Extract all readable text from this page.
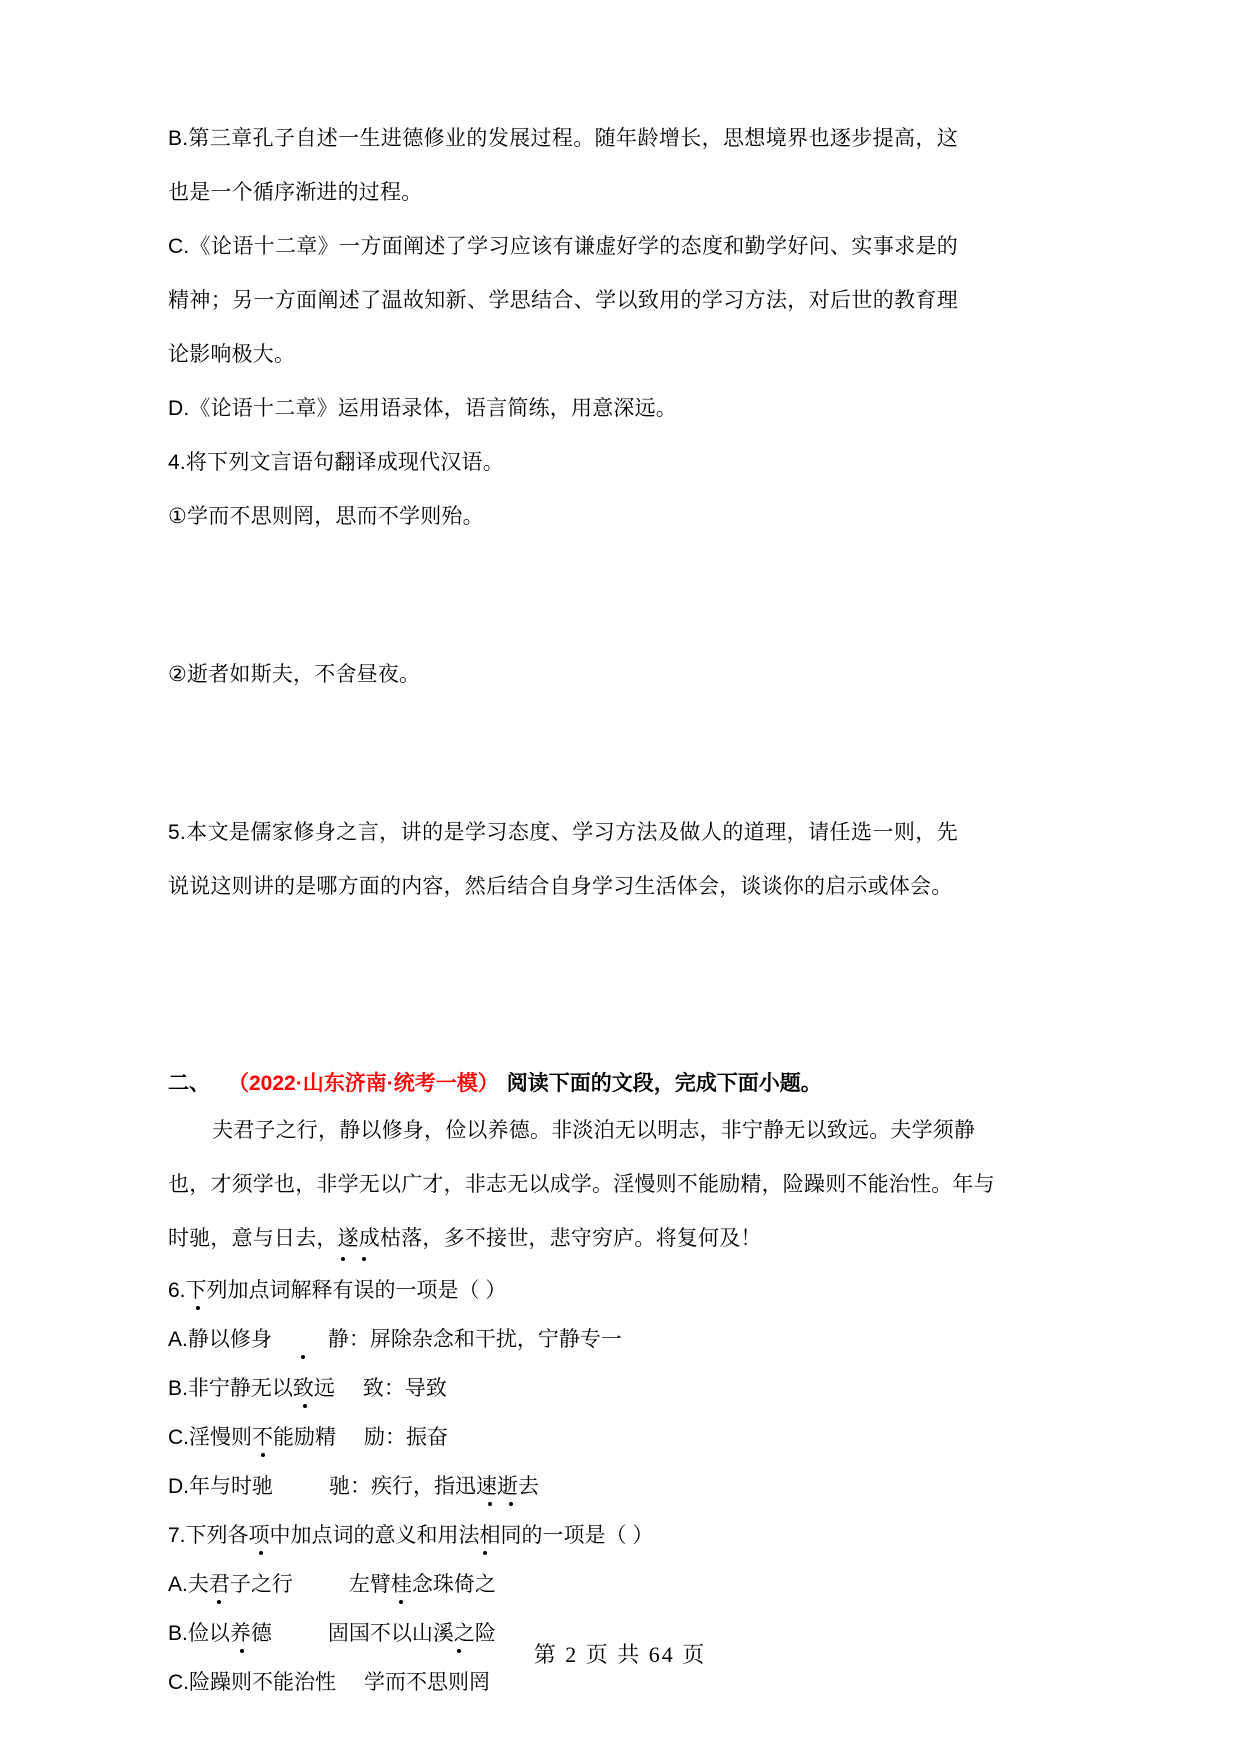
B.第三章孔子自述一生进德修业的发展过程。随年龄增长，思想境界也逐步提高，这也是一个循序渐进的过程。
C.《论语十二章》一方面阐述了学习应该有谦虚好学的态度和勤学好问、实事求是的精神；另一方面阐述了温故知新、学思结合、学以致用的学习方法，对后世的教育理论影响极大。
D.《论语十二章》运用语录体，语言简练，用意深远。
4.将下列文言语句翻译成现代汉语。
①学而不思则罔，思而不学则殆。
②逝者如斯夫，不舍昼夜。
5.本文是儒家修身之言，讲的是学习态度、学习方法及做人的道理，请任选一则，先说说这则讲的是哪方面的内容，然后结合自身学习生活体会，谈谈你的启示或体会。
二、 （2022·山东济南·统考一模） 阅读下面的文段，完成下面小题。
夫君子之行，静以修身，俭以养德。非淡泊无以明志，非宁静无以致远。夫学须静
也，才须学也，非学无以广才，非志无以成学。淫慢则不能励精，险躁则不能治性。年与
时驰，意与日去，遂成枯落，多不接世，悲守穷庐。将复何及！
6.下列加点词解释有误的一项是（ ）
A.静以修身	静：屏除杂念和干扰，宁静专一
B.非宁静无以致远 致：导致
C.淫慢则不能励精 励：振奋
D.年与时驰	驰：疾行，指迅速逝去
7.下列各项中加点词的意义和用法相同的一项是（ ）
A.夫君子之行	左臂桂念珠倚之
B.俭以养德	固国不以山溪之险
C.险躁则不能治性 学而不思则罔
第 2 页 共 64 页
